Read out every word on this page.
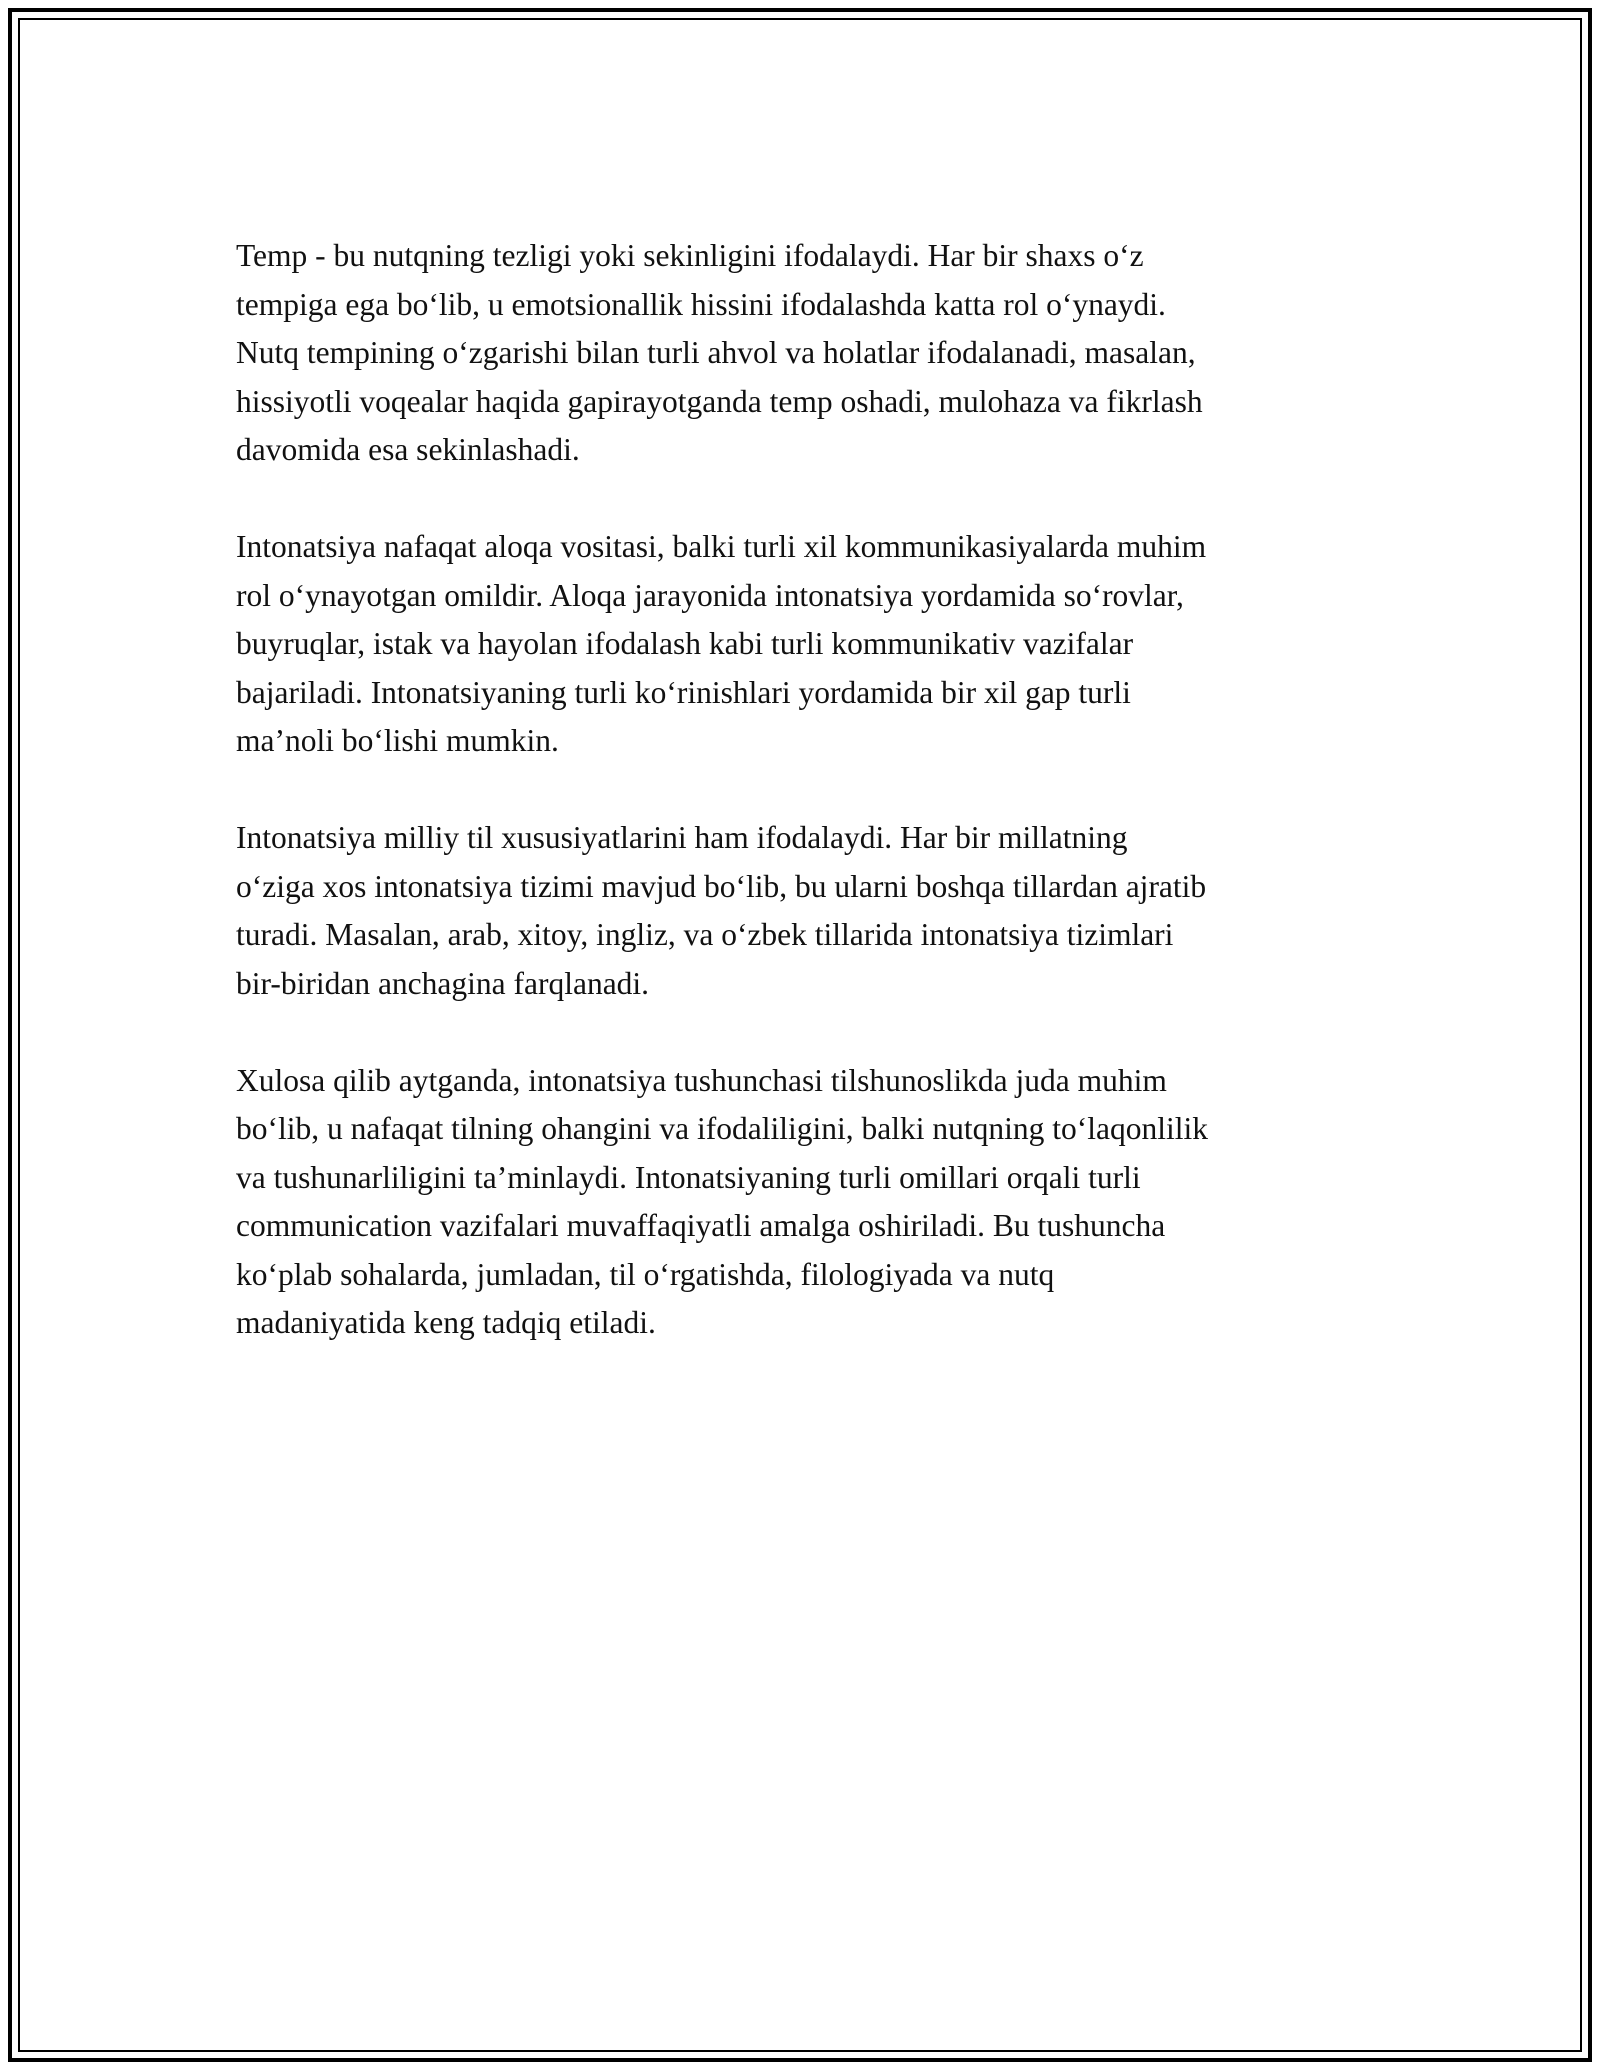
Temp - bu nutqning tezligi yoki sekinligini ifodalaydi. Har bir shaxs o‘z
tempiga ega bo‘lib, u emotsionallik hissini ifodalashda katta rol o‘ynaydi.
Nutq tempining o‘zgarishi bilan turli ahvol va holatlar ifodalanadi, masalan,
hissiyotli voqealar haqida gapirayotganda temp oshadi, mulohaza va fikrlash
davomida esa sekinlashadi.

Intonatsiya nafaqat aloqa vositasi, balki turli xil kommunikasiyalarda muhim
rol o‘ynayotgan omildir. Aloqa jarayonida intonatsiya yordamida so‘rovlar,
buyruqlar, istak va hayolan ifodalash kabi turli kommunikativ vazifalar
bajariladi. Intonatsiyaning turli ko‘rinishlari yordamida bir xil gap turli
ma’noli bo‘lishi mumkin.

Intonatsiya milliy til xususiyatlarini ham ifodalaydi. Har bir millatning
o‘ziga xos intonatsiya tizimi mavjud bo‘lib, bu ularni boshqa tillardan ajratib
turadi. Masalan, arab, xitoy, ingliz, va o‘zbek tillarida intonatsiya tizimlari
bir-biridan anchagina farqlanadi.

Xulosa qilib aytganda, intonatsiya tushunchasi tilshunoslikda juda muhim
bo‘lib, u nafaqat tilning ohangini va ifodaliligini, balki nutqning to‘laqonlilik
va tushunarliligini ta’minlaydi. Intonatsiyaning turli omillari orqali turli
communication vazifalari muvaffaqiyatli amalga oshiriladi. Bu tushuncha
ko‘plab sohalarda, jumladan, til o‘rgatishda, filologiyada va nutq
madaniyatida keng tadqiq etiladi.
